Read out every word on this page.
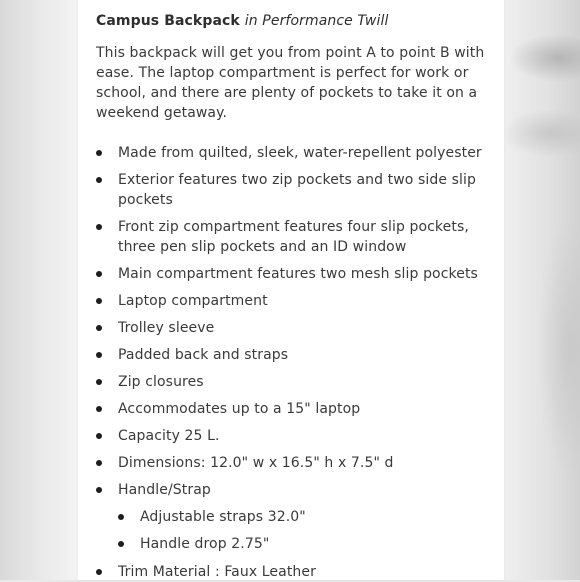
Campus Backpack in Performance Twill

This backpack will get you from point A to point B with ease. The laptop compartment is perfect for work or school, and there are plenty of pockets to take it on a weekend getaway.

Made from quilted, sleek, water-repellent polyester
Exterior features two zip pockets and two side slip pockets
Front zip compartment features four slip pockets, three pen slip pockets and an ID window
Main compartment features two mesh slip pockets
Laptop compartment
Trolley sleeve
Padded back and straps
Zip closures
Accommodates up to a 15" laptop
Capacity 25 L.
Dimensions: 12.0" w x 16.5" h x 7.5" d
Handle/Strap
Adjustable straps 32.0"
Handle drop 2.75"
Trim Material : Faux Leather
